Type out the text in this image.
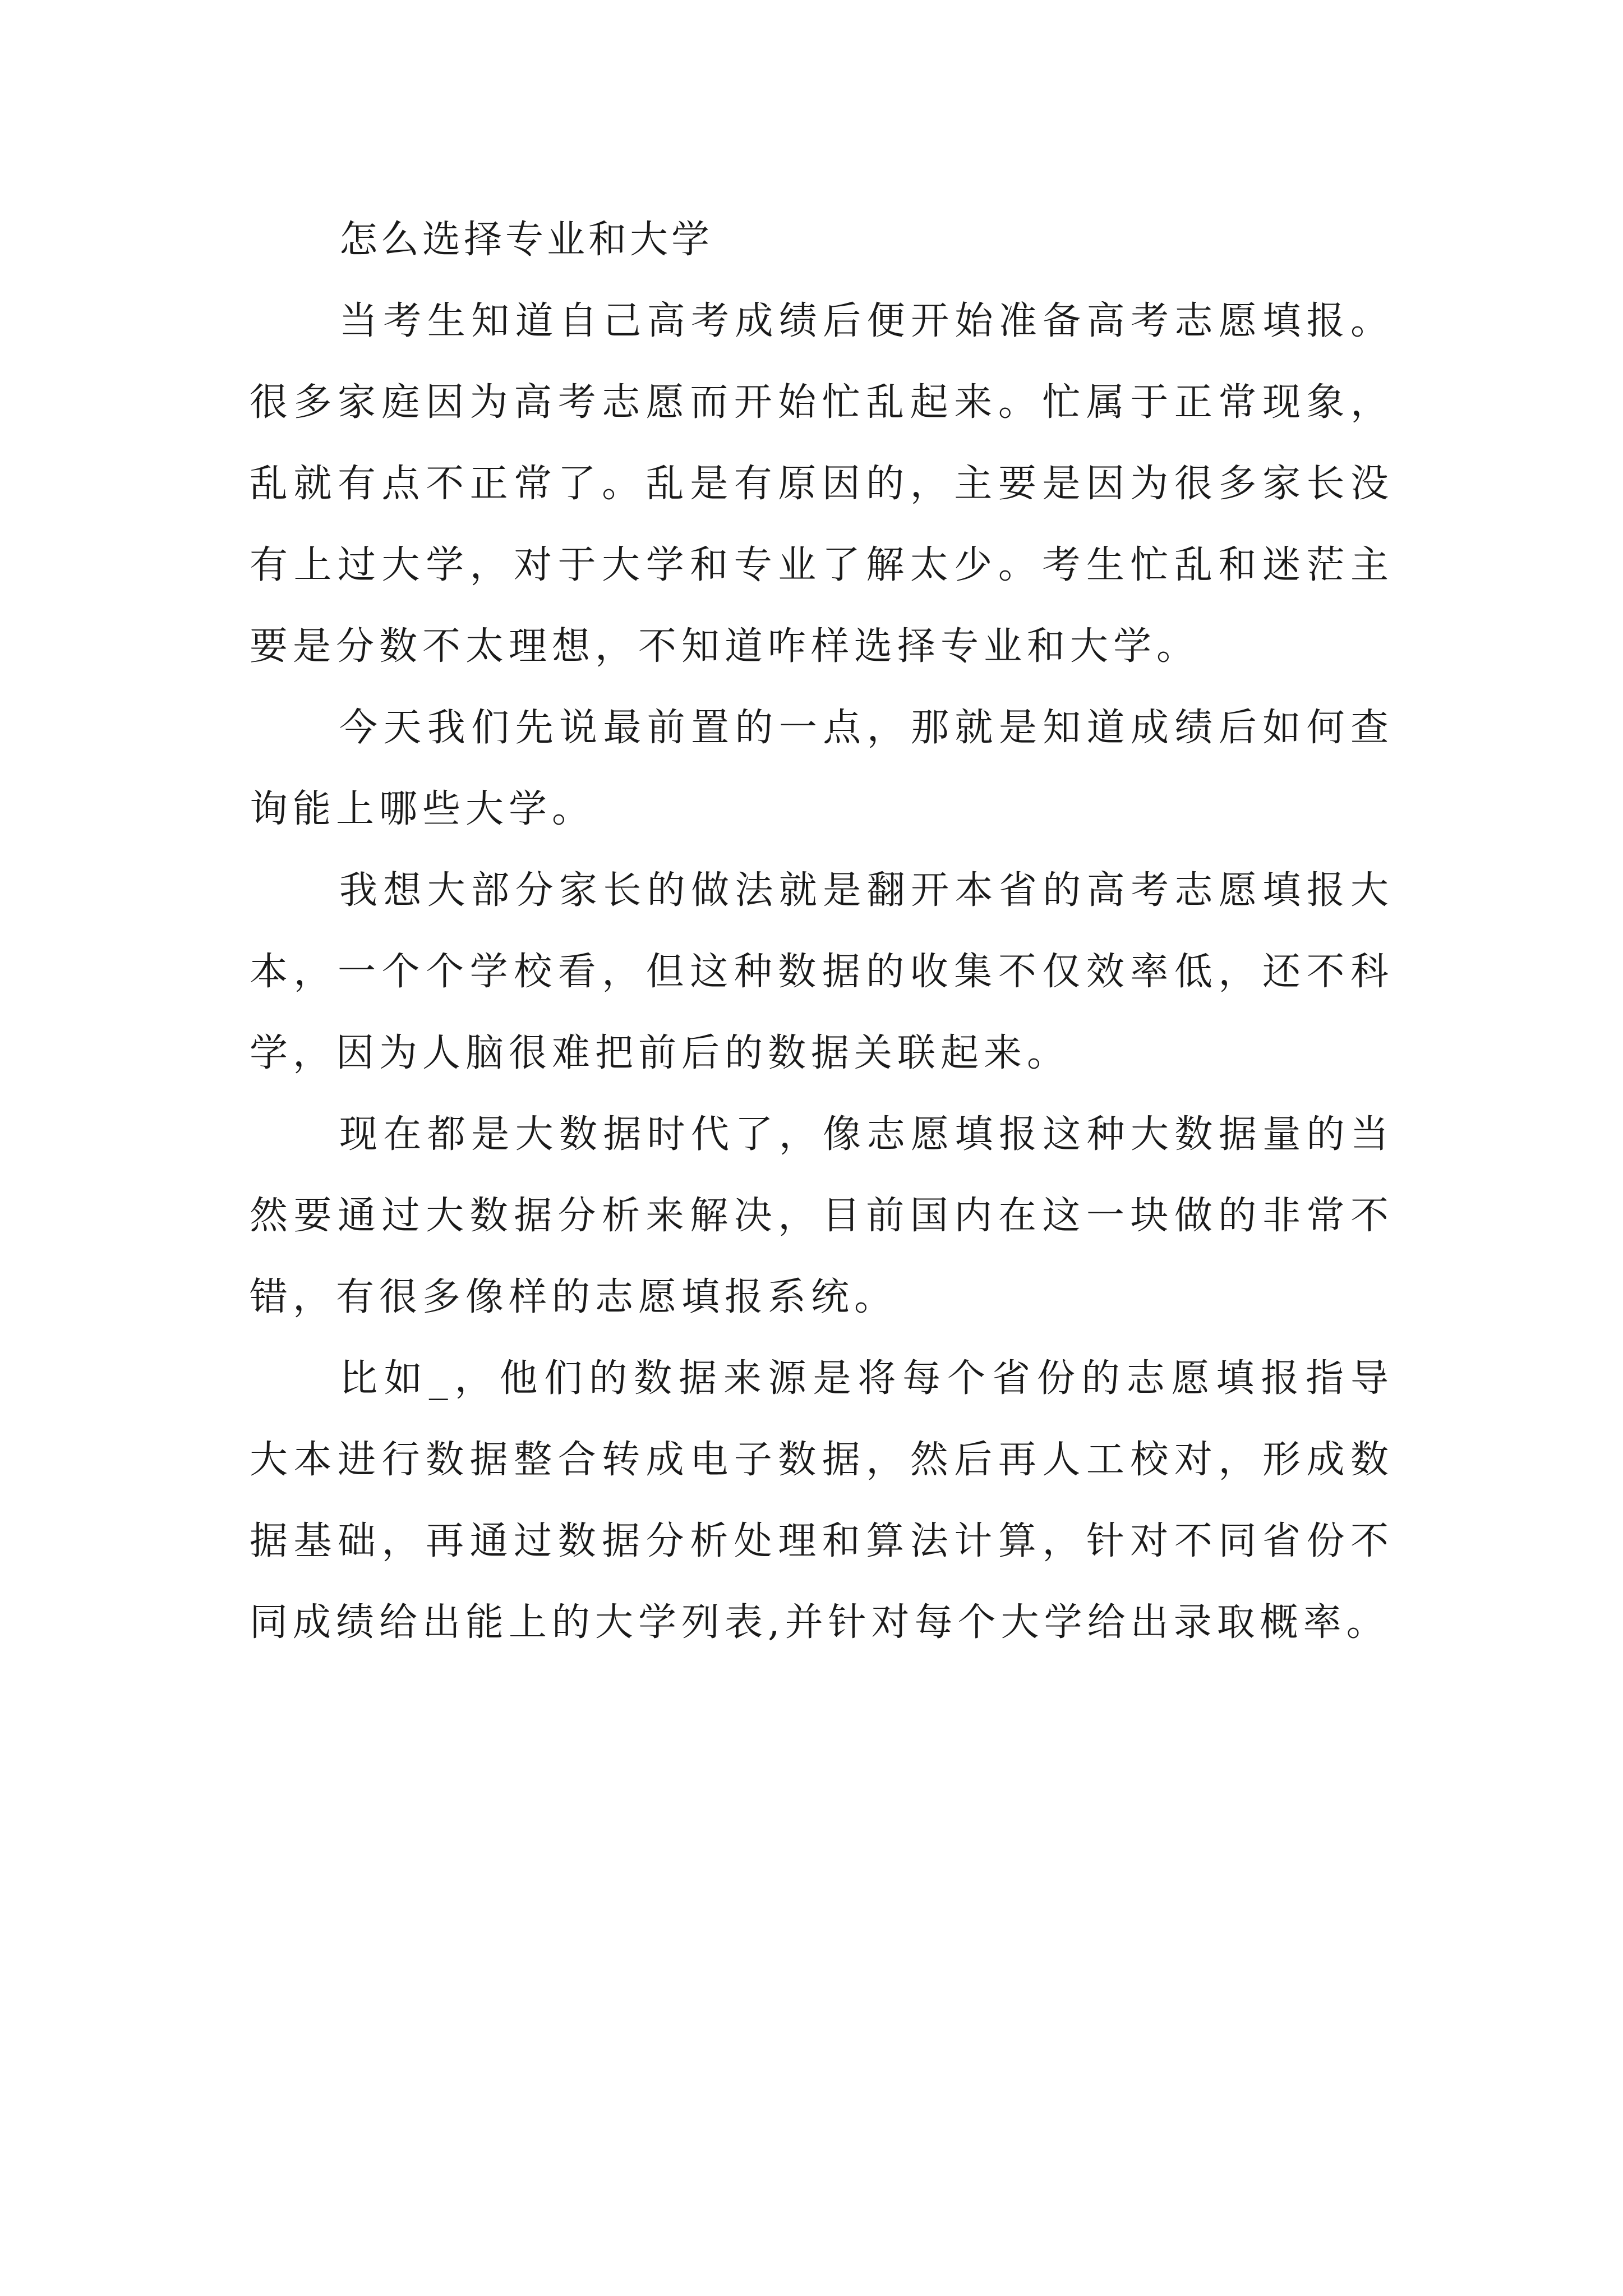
怎么选择专业和大学

当考生知道自己高考成绩后便开始准备高考志愿填报。很多家庭因为高考志愿而开始忙乱起来。忙属于正常现象，乱就有点不正常了。乱是有原因的，主要是因为很多家长没有上过大学，对于大学和专业了解太少。考生忙乱和迷茫主要是分数不太理想，不知道咋样选择专业和大学。

今天我们先说最前置的一点，那就是知道成绩后如何查询能上哪些大学。

我想大部分家长的做法就是翻开本省的高考志愿填报大本，一个个学校看，但这种数据的收集不仅效率低，还不科学，因为人脑很难把前后的数据关联起来。

现在都是大数据时代了，像志愿填报这种大数据量的当然要通过大数据分析来解决，目前国内在这一块做的非常不错，有很多像样的志愿填报系统。

比如_，他们的数据来源是将每个省份的志愿填报指导大本进行数据整合转成电子数据，然后再人工校对，形成数据基础，再通过数据分析处理和算法计算，针对不同省份不同成绩给出能上的大学列表,并针对每个大学给出录取概率。
